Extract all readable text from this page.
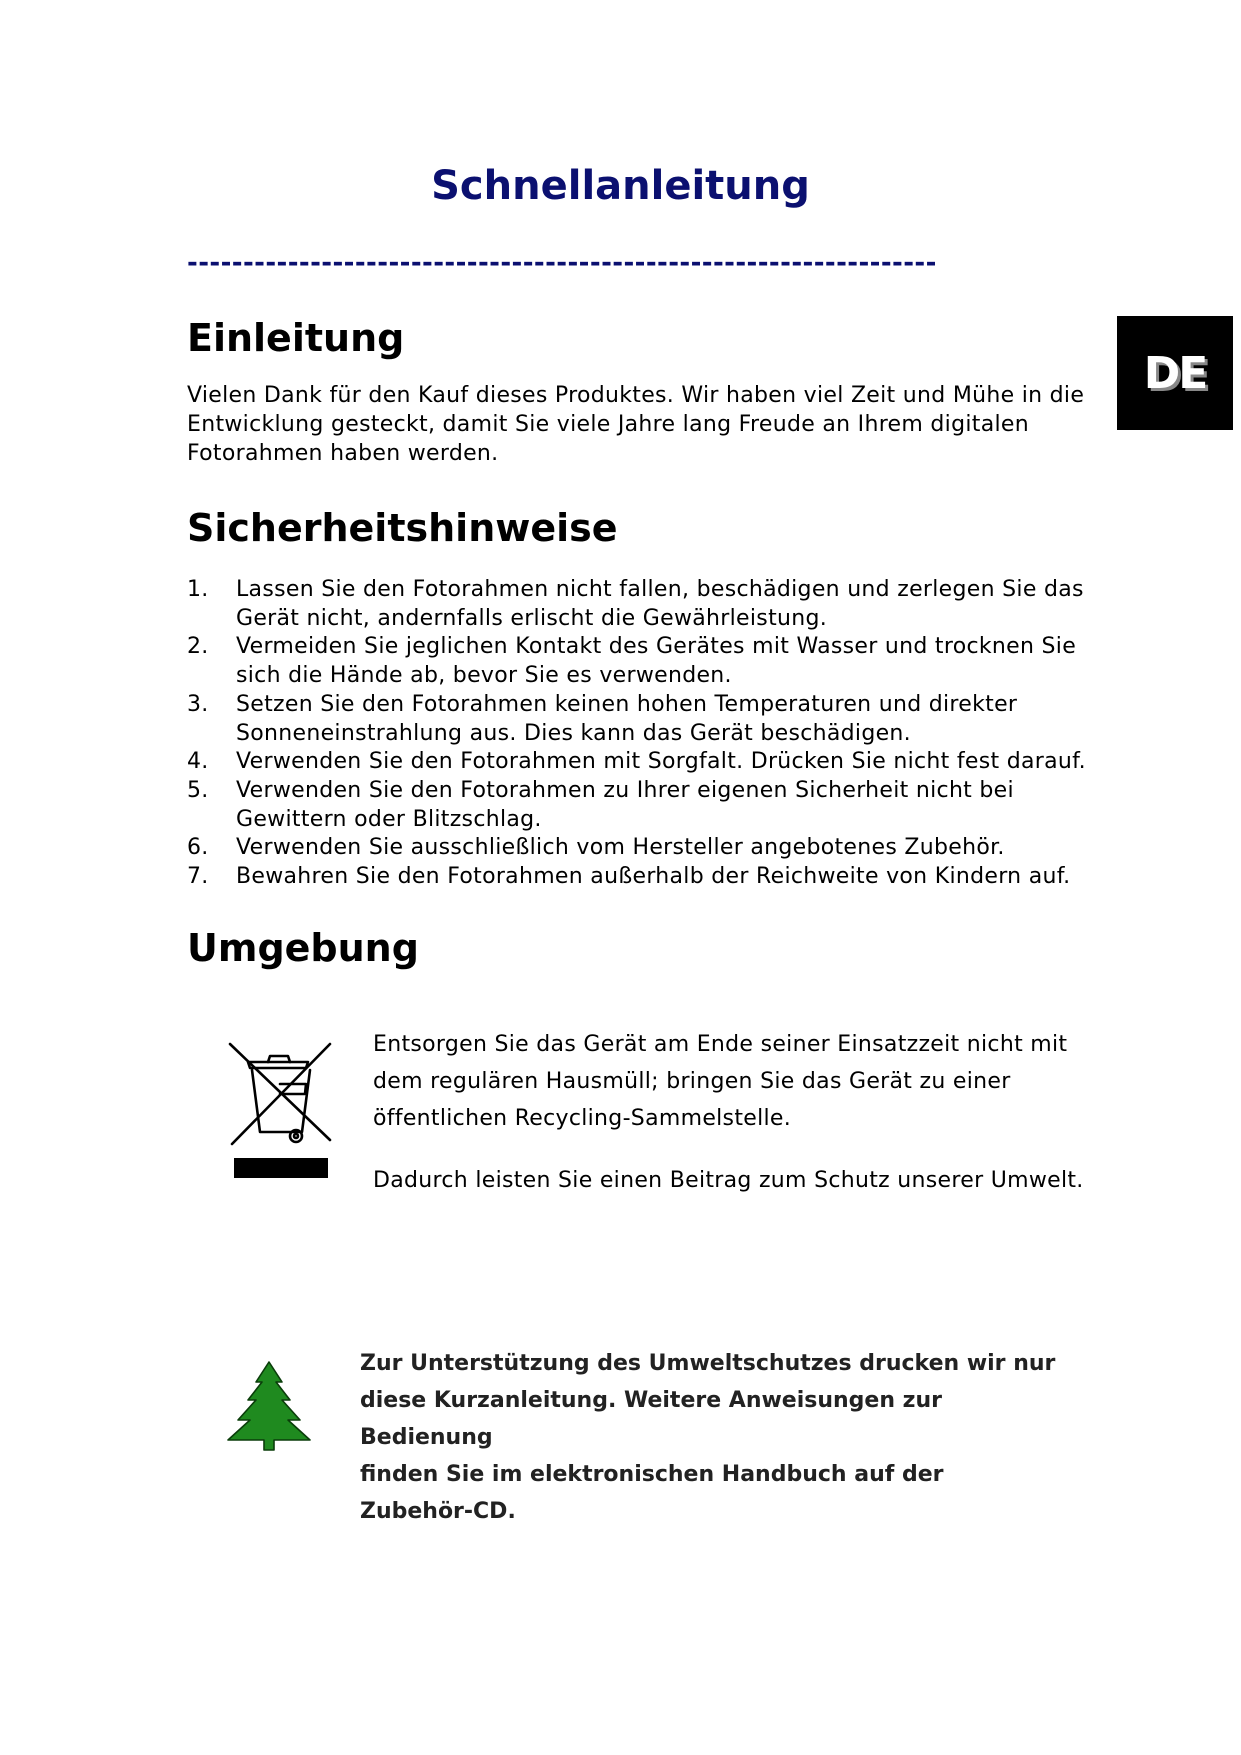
Schnellanleitung
-------------------------------------------------------------------
DE
Einleitung

Vielen Dank für den Kauf dieses Produktes. Wir haben viel Zeit und Mühe in die
Entwicklung gesteckt, damit Sie viele Jahre lang Freude an Ihrem digitalen
Fotorahmen haben werden.

Sicherheitshinweise
1.	Lassen Sie den Fotorahmen nicht fallen, beschädigen und zerlegen Sie das
Gerät nicht, andernfalls erlischt die Gewährleistung.
2.	Vermeiden Sie jeglichen Kontakt des Gerätes mit Wasser und trocknen Sie
sich die Hände ab, bevor Sie es verwenden.
3.	Setzen Sie den Fotorahmen keinen hohen Temperaturen und direkter
Sonneneinstrahlung aus. Dies kann das Gerät beschädigen.
4.	Verwenden Sie den Fotorahmen mit Sorgfalt. Drücken Sie nicht fest darauf.
5.	Verwenden Sie den Fotorahmen zu Ihrer eigenen Sicherheit nicht bei
Gewittern oder Blitzschlag.
6.	Verwenden Sie ausschließlich vom Hersteller angebotenes Zubehör.
7.	Bewahren Sie den Fotorahmen außerhalb der Reichweite von Kindern auf.
Umgebung

Entsorgen Sie das Gerät am Ende seiner Einsatzzeit nicht mit
dem regulären Hausmüll; bringen Sie das Gerät zu einer
öffentlichen Recycling-Sammelstelle.

Dadurch leisten Sie einen Beitrag zum Schutz unserer Umwelt.

Zur Unterstützung des Umweltschutzes drucken wir nur
diese Kurzanleitung. Weitere Anweisungen zur Bedienung
finden Sie im elektronischen Handbuch auf der
Zubehör-CD.
